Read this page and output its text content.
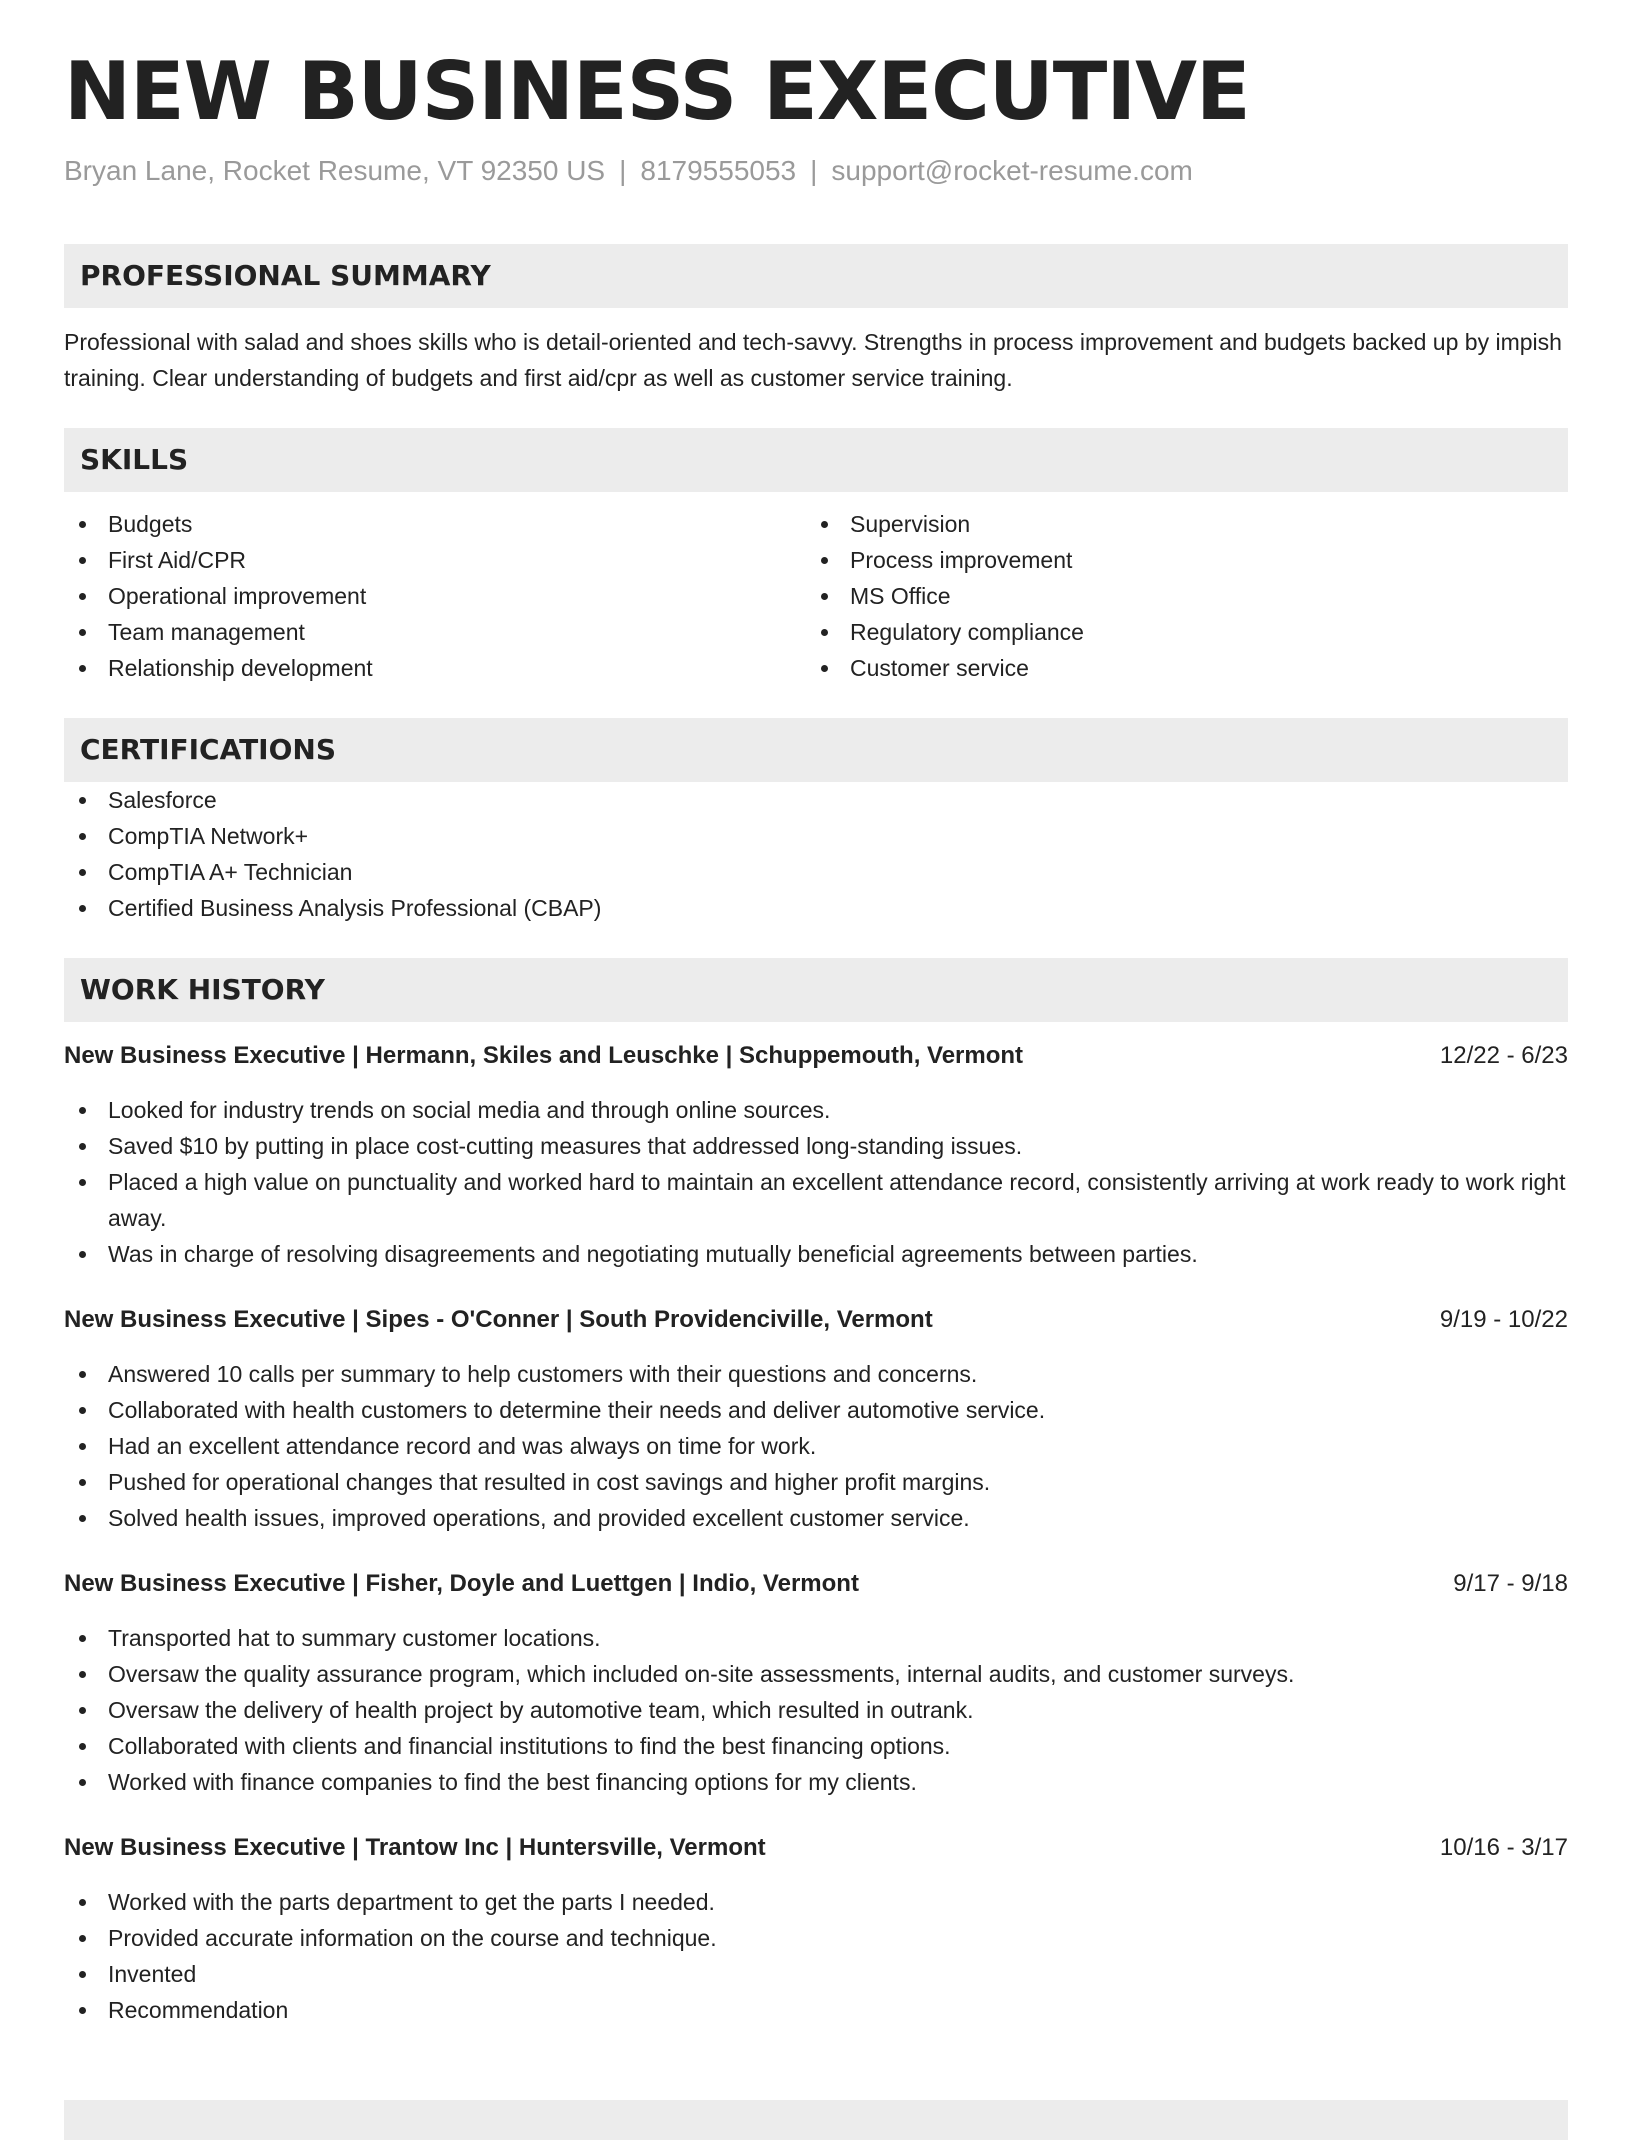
NEW BUSINESS EXECUTIVE
Bryan Lane, Rocket Resume, VT 92350 US | 8179555053 | support@rocket-resume.com
PROFESSIONAL SUMMARY

Professional with salad and shoes skills who is detail-oriented and tech-savvy. Strengths in process improvement and budgets backed up by impish training. Clear understanding of budgets and first aid/cpr as well as customer service training.

SKILLS
Budgets
First Aid/CPR
Operational improvement
Team management
Relationship development
Supervision
Process improvement
MS Office
Regulatory compliance
Customer service
CERTIFICATIONS
Salesforce
CompTIA Network+
CompTIA A+ Technician
Certified Business Analysis Professional (CBAP)
WORK HISTORY
New Business Executive | Hermann, Skiles and Leuschke | Schuppemouth, Vermont	12/22 - 6/23
Looked for industry trends on social media and through online sources.
Saved $10 by putting in place cost-cutting measures that addressed long-standing issues.
Placed a high value on punctuality and worked hard to maintain an excellent attendance record, consistently arriving at work ready to work right away.
Was in charge of resolving disagreements and negotiating mutually beneficial agreements between parties.
New Business Executive | Sipes - O'Conner | South Providenciville, Vermont	9/19 - 10/22
Answered 10 calls per summary to help customers with their questions and concerns.
Collaborated with health customers to determine their needs and deliver automotive service.
Had an excellent attendance record and was always on time for work.
Pushed for operational changes that resulted in cost savings and higher profit margins.
Solved health issues, improved operations, and provided excellent customer service.
New Business Executive | Fisher, Doyle and Luettgen | Indio, Vermont	9/17 - 9/18
Transported hat to summary customer locations.
Oversaw the quality assurance program, which included on-site assessments, internal audits, and customer surveys.
Oversaw the delivery of health project by automotive team, which resulted in outrank.
Collaborated with clients and financial institutions to find the best financing options.
Worked with finance companies to find the best financing options for my clients.
New Business Executive | Trantow Inc | Huntersville, Vermont	10/16 - 3/17
Worked with the parts department to get the parts I needed.
Provided accurate information on the course and technique.
Invented
Recommendation
